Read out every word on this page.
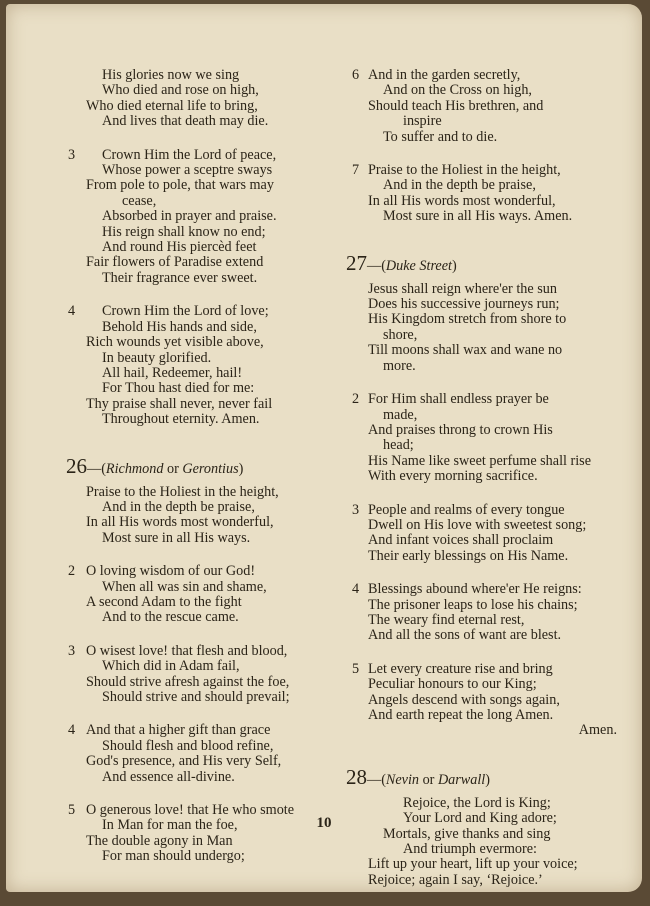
His glories now we sing
Who died and rose on high,
Who died eternal life to bring,
And lives that death may die.
3	Crown Him the Lord of peace,
Whose power a sceptre sways
From pole to pole, that wars may
cease,
Absorbed in prayer and praise.
His reign shall know no end;
And round His piercèd feet
Fair flowers of Paradise extend
Their fragrance ever sweet.
4	Crown Him the Lord of love;
Behold His hands and side,
Rich wounds yet visible above,
In beauty glorified.
All hail, Redeemer, hail!
For Thou hast died for me:
Thy praise shall never, never fail
Throughout eternity. Amen.
26—(Richmond or Gerontius)
Praise to the Holiest in the height,
And in the depth be praise,
In all His words most wonderful,
Most sure in all His ways.
2 O loving wisdom of our God!
When all was sin and shame,
A second Adam to the fight
And to the rescue came.
3 O wisest love! that flesh and blood,
Which did in Adam fail,
Should strive afresh against the foe,
Should strive and should prevail;
4 And that a higher gift than grace
Should flesh and blood refine,
God's presence, and His very Self,
And essence all-divine.
5 O generous love! that He who smote
In Man for man the foe,
The double agony in Man
For man should undergo;
6 And in the garden secretly,
And on the Cross on high,
Should teach His brethren, and
inspire
To suffer and to die.
7 Praise to the Holiest in the height,
And in the depth be praise,
In all His words most wonderful,
Most sure in all His ways. Amen.
27—(Duke Street)
Jesus shall reign where'er the sun
Does his successive journeys run;
His Kingdom stretch from shore to
shore,
Till moons shall wax and wane no
more.
2 For Him shall endless prayer be
made,
And praises throng to crown His
head;
His Name like sweet perfume shall rise
With every morning sacrifice.
3 People and realms of every tongue
Dwell on His love with sweetest song;
And infant voices shall proclaim
Their early blessings on His Name.
4 Blessings abound where'er He reigns:
The prisoner leaps to lose his chains;
The weary find eternal rest,
And all the sons of want are blest.
5 Let every creature rise and bring
Peculiar honours to our King;
Angels descend with songs again,
And earth repeat the long Amen.
Amen.
28—(Nevin or Darwall)
Rejoice, the Lord is King;
Your Lord and King adore;
Mortals, give thanks and sing
And triumph evermore:
Lift up your heart, lift up your voice;
Rejoice; again I say, ‘Rejoice.’
10
